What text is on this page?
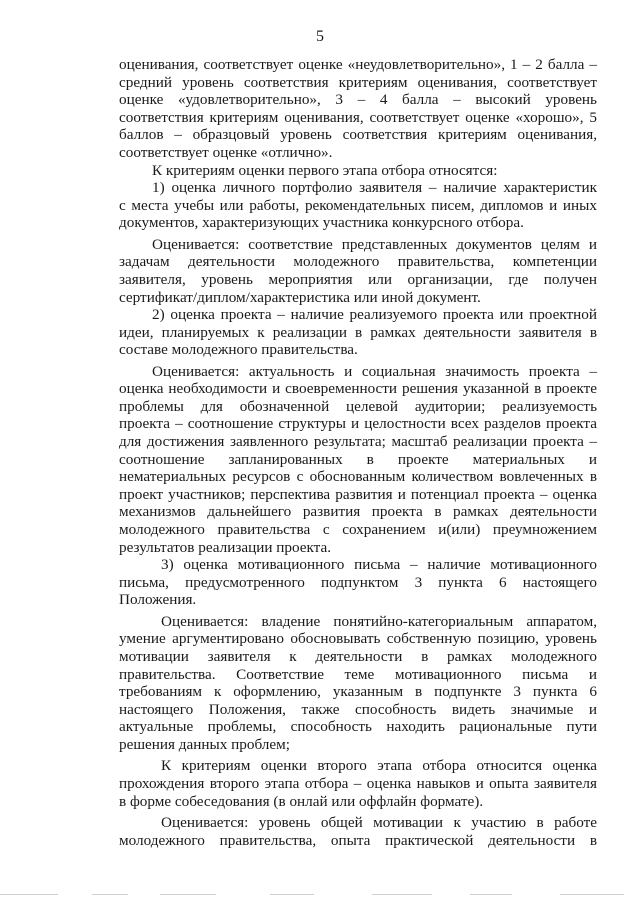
5
оценивания, соответствует оценке «неудовлетворительно», 1 – 2 балла –
средний уровень соответствия критериям оценивания, соответствует
оценке «удовлетворительно», 3 – 4 балла – высокий уровень
соответствия критериям оценивания, соответствует оценке «хорошо», 5
баллов – образцовый уровень соответствия критериям оценивания,
соответствует оценке «отлично».
К критериям оценки первого этапа отбора относятся:
1) оценка личного портфолио заявителя – наличие характеристик
с места учебы или работы, рекомендательных писем, дипломов и иных
документов, характеризующих участника конкурсного отбора.
Оценивается: соответствие представленных документов целям и
задачам деятельности молодежного правительства, компетенции
заявителя, уровень мероприятия или организации, где получен
сертификат/диплом/характеристика или иной документ.
2) оценка проекта – наличие реализуемого проекта или проектной
идеи, планируемых к реализации в рамках деятельности заявителя в
составе молодежного правительства.
Оценивается: актуальность и социальная значимость проекта –
оценка необходимости и своевременности решения указанной в проекте
проблемы для обозначенной целевой аудитории; реализуемость
проекта – соотношение структуры и целостности всех разделов проекта
для достижения заявленного результата; масштаб реализации проекта –
соотношение запланированных в проекте материальных и
нематериальных ресурсов с обоснованным количеством вовлеченных в
проект участников; перспектива развития и потенциал проекта – оценка
механизмов дальнейшего развития проекта в рамках деятельности
молодежного правительства с сохранением и(или) преумножением
результатов реализации проекта.
3) оценка мотивационного письма – наличие мотивационного
письма, предусмотренного подпунктом 3 пункта 6 настоящего
Положения.
Оценивается: владение понятийно-категориальным аппаратом,
умение аргументировано обосновывать собственную позицию, уровень
мотивации заявителя к деятельности в рамках молодежного
правительства. Соответствие теме мотивационного письма и
требованиям к оформлению, указанным в подпункте 3 пункта 6
настоящего Положения, также способность видеть значимые и
актуальные проблемы, способность находить рациональные пути
решения данных проблем;
К критериям оценки второго этапа отбора относится оценка
прохождения второго этапа отбора – оценка навыков и опыта заявителя
в форме собеседования (в онлай или оффлайн формате).
Оценивается: уровень общей мотивации к участию в работе
молодежного правительства, опыта практической деятельности в
